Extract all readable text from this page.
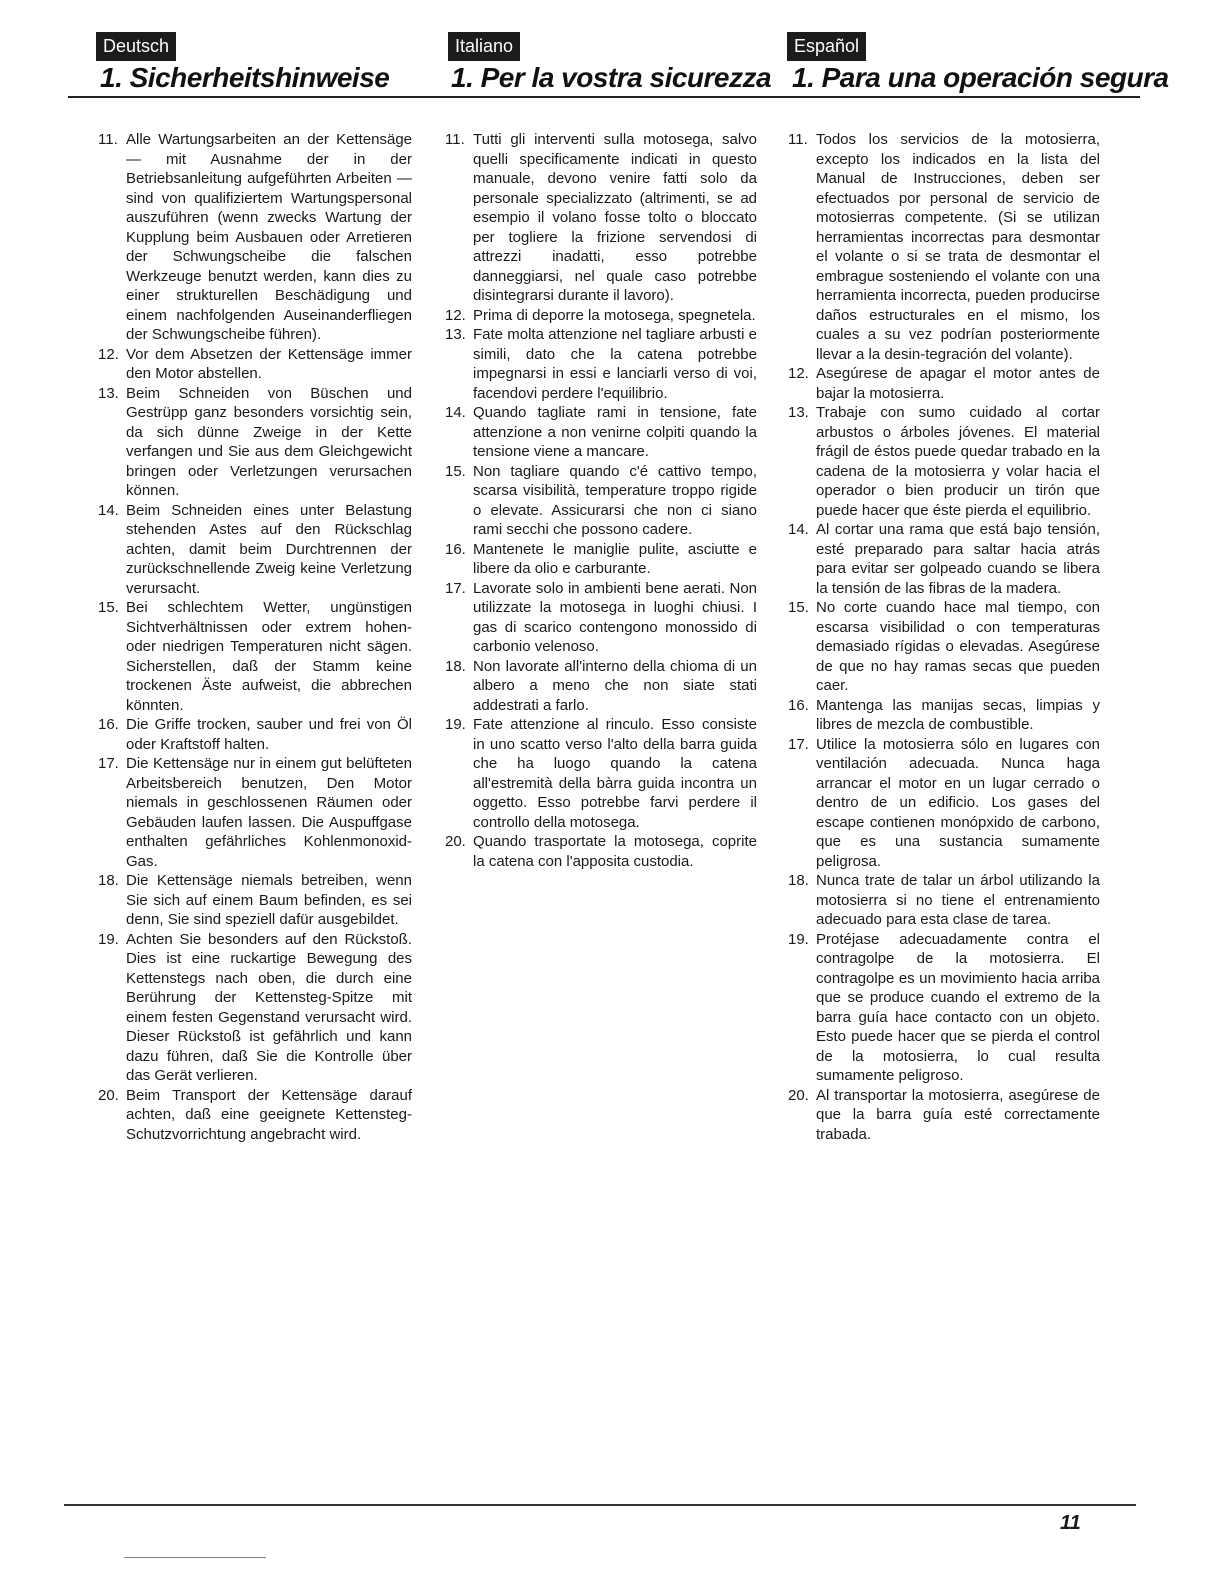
Deutsch
1. Sicherheitshinweise
Italiano
1. Per la vostra sicurezza
Español
1. Para una operación segura
11. Alle Wartungsarbeiten an der Kettensäge — mit Ausnahme der in der Betriebsanleitung aufgeführten Arbeiten — sind von qualifiziertem Wartungspersonal auszuführen (wenn zwecks Wartung der Kupplung beim Ausbauen oder Arretieren der Schwungscheibe die falschen Werkzeuge benutzt werden, kann dies zu einer strukturellen Beschädigung und einem nachfolgenden Auseinanderfliegen der Schwungscheibe führen).
12. Vor dem Absetzen der Kettensäge immer den Motor abstellen.
13. Beim Schneiden von Büschen und Gestrüpp ganz besonders vorsichtig sein, da sich dünne Zweige in der Kette verfangen und Sie aus dem Gleichgewicht bringen oder Verletzungen verursachen können.
14. Beim Schneiden eines unter Belastung stehenden Astes auf den Rückschlag achten, damit beim Durchtrennen der zurückschnellende Zweig keine Verletzung verursacht.
15. Bei schlechtem Wetter, ungünstigen Sichtverhältnissen oder extrem hohen- oder niedrigen Temperaturen nicht sägen. Sicherstellen, daß der Stamm keine trockenen Äste aufweist, die abbrechen könnten.
16. Die Griffe trocken, sauber und frei von Öl oder Kraftstoff halten.
17. Die Kettensäge nur in einem gut belüfteten Arbeitsbereich benutzen, Den Motor niemals in geschlossenen Räumen oder Gebäuden laufen lassen. Die Auspuffgase enthalten gefährliches Kohlenmonoxid-Gas.
18. Die Kettensäge niemals betreiben, wenn Sie sich auf einem Baum befinden, es sei denn, Sie sind speziell dafür ausgebildet.
19. Achten Sie besonders auf den Rückstoß. Dies ist eine ruckartige Bewegung des Kettenstegs nach oben, die durch eine Berührung der Kettensteg-Spitze mit einem festen Gegenstand verursacht wird. Dieser Rückstoß ist gefährlich und kann dazu führen, daß Sie die Kontrolle über das Gerät verlieren.
20. Beim Transport der Kettensäge darauf achten, daß eine geeignete Kettensteg-Schutzvorrichtung angebracht wird.
11. Tutti gli interventi sulla motosega, salvo quelli specificamente indicati in questo manuale, devono venire fatti solo da personale specializzato (altrimenti, se ad esempio il volano fosse tolto o bloccato per togliere la frizione servendosi di attrezzi inadatti, esso potrebbe danneggiarsi, nel quale caso potrebbe disintegrarsi durante il lavoro).
12. Prima di deporre la motosega, spegnetela.
13. Fate molta attenzione nel tagliare arbusti e simili, dato che la catena potrebbe impegnarsi in essi e lanciarli verso di voi, facendovi perdere l'equilibrio.
14. Quando tagliate rami in tensione, fate attenzione a non venirne colpiti quando la tensione viene a mancare.
15. Non tagliare quando c'é cattivo tempo, scarsa visibilità, temperature troppo rigide o elevate. Assicurarsi che non ci siano rami secchi che possono cadere.
16. Mantenete le maniglie pulite, asciutte e libere da olio e carburante.
17. Lavorate solo in ambienti bene aerati. Non utilizzate la motosega in luoghi chiusi. I gas di scarico contengono monossido di carbonio velenoso.
18. Non lavorate all'interno della chioma di un albero a meno che non siate stati addestrati a farlo.
19. Fate attenzione al rinculo. Esso consiste in uno scatto verso l'alto della barra guida che ha luogo quando la catena all'estremità della bàrra guida incontra un oggetto. Esso potrebbe farvi perdere il controllo della motosega.
20. Quando trasportate la motosega, coprite la catena con l'apposita custodia.
11. Todos los servicios de la motosierra, excepto los indicados en la lista del Manual de Instrucciones, deben ser efectuados por personal de servicio de motosierras competente. (Si se utilizan herramientas incorrectas para desmontar el volante o si se trata de desmontar el embrague sosteniendo el volante con una herramienta incorrecta, pueden producirse daños estructurales en el mismo, los cuales a su vez podrían posteriormente llevar a la desin-tegración del volante).
12. Asegúrese de apagar el motor antes de bajar la motosierra.
13. Trabaje con sumo cuidado al cortar arbustos o árboles jóvenes. El material frágil de éstos puede quedar trabado en la cadena de la motosierra y volar hacia el operador o bien producir un tirón que puede hacer que éste pierda el equilibrio.
14. Al cortar una rama que está bajo tensión, esté preparado para saltar hacia atrás para evitar ser golpeado cuando se libera la tensión de las fibras de la madera.
15. No corte cuando hace mal tiempo, con escarsa visibilidad o con temperaturas demasiado rígidas o elevadas. Asegúrese de que no hay ramas secas que pueden caer.
16. Mantenga las manijas secas, limpias y libres de mezcla de combustible.
17. Utilice la motosierra sólo en lugares con ventilación adecuada. Nunca haga arrancar el motor en un lugar cerrado o dentro de un edificio. Los gases del escape contienen monópxido de carbono, que es una sustancia sumamente peligrosa.
18. Nunca trate de talar un árbol utilizando la motosierra si no tiene el entrenamiento adecuado para esta clase de tarea.
19. Protéjase adecuadamente contra el contragolpe de la motosierra. El contragolpe es un movimiento hacia arriba que se produce cuando el extremo de la barra guía hace contacto con un objeto. Esto puede hacer que se pierda el control de la motosierra, lo cual resulta sumamente peligroso.
20. Al transportar la motosierra, asegúrese de que la barra guía esté correctamente trabada.
11
